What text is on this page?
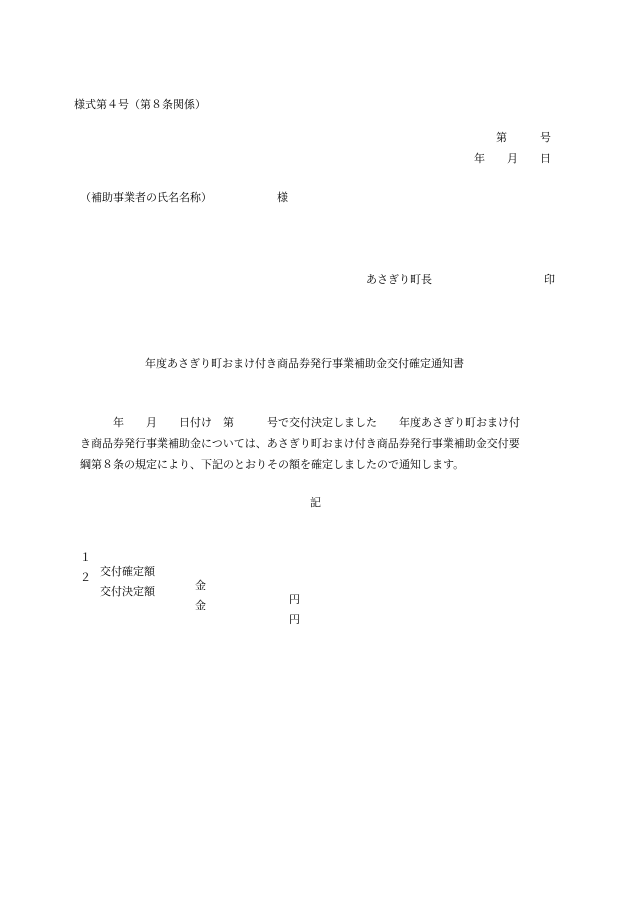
様式第４号（第８条関係）
第　　　号
年　　月　　日
（補助事業者の氏名名称）	様
あさぎり町長	印
年度あさぎり町おまけ付き商品券発行事業補助金交付確定通知書
　　　年　　月　　日付け　第　　　号で交付決定しました　　年度あさぎり町おまけ付
き商品券発行事業補助金については、あさぎり町おまけ付き商品券発行事業補助金交付要
綱第８条の規定により、下記のとおりその額を確定しましたので通知します。
記

１

交付確定額

金

円

２

交付決定額

金

円
